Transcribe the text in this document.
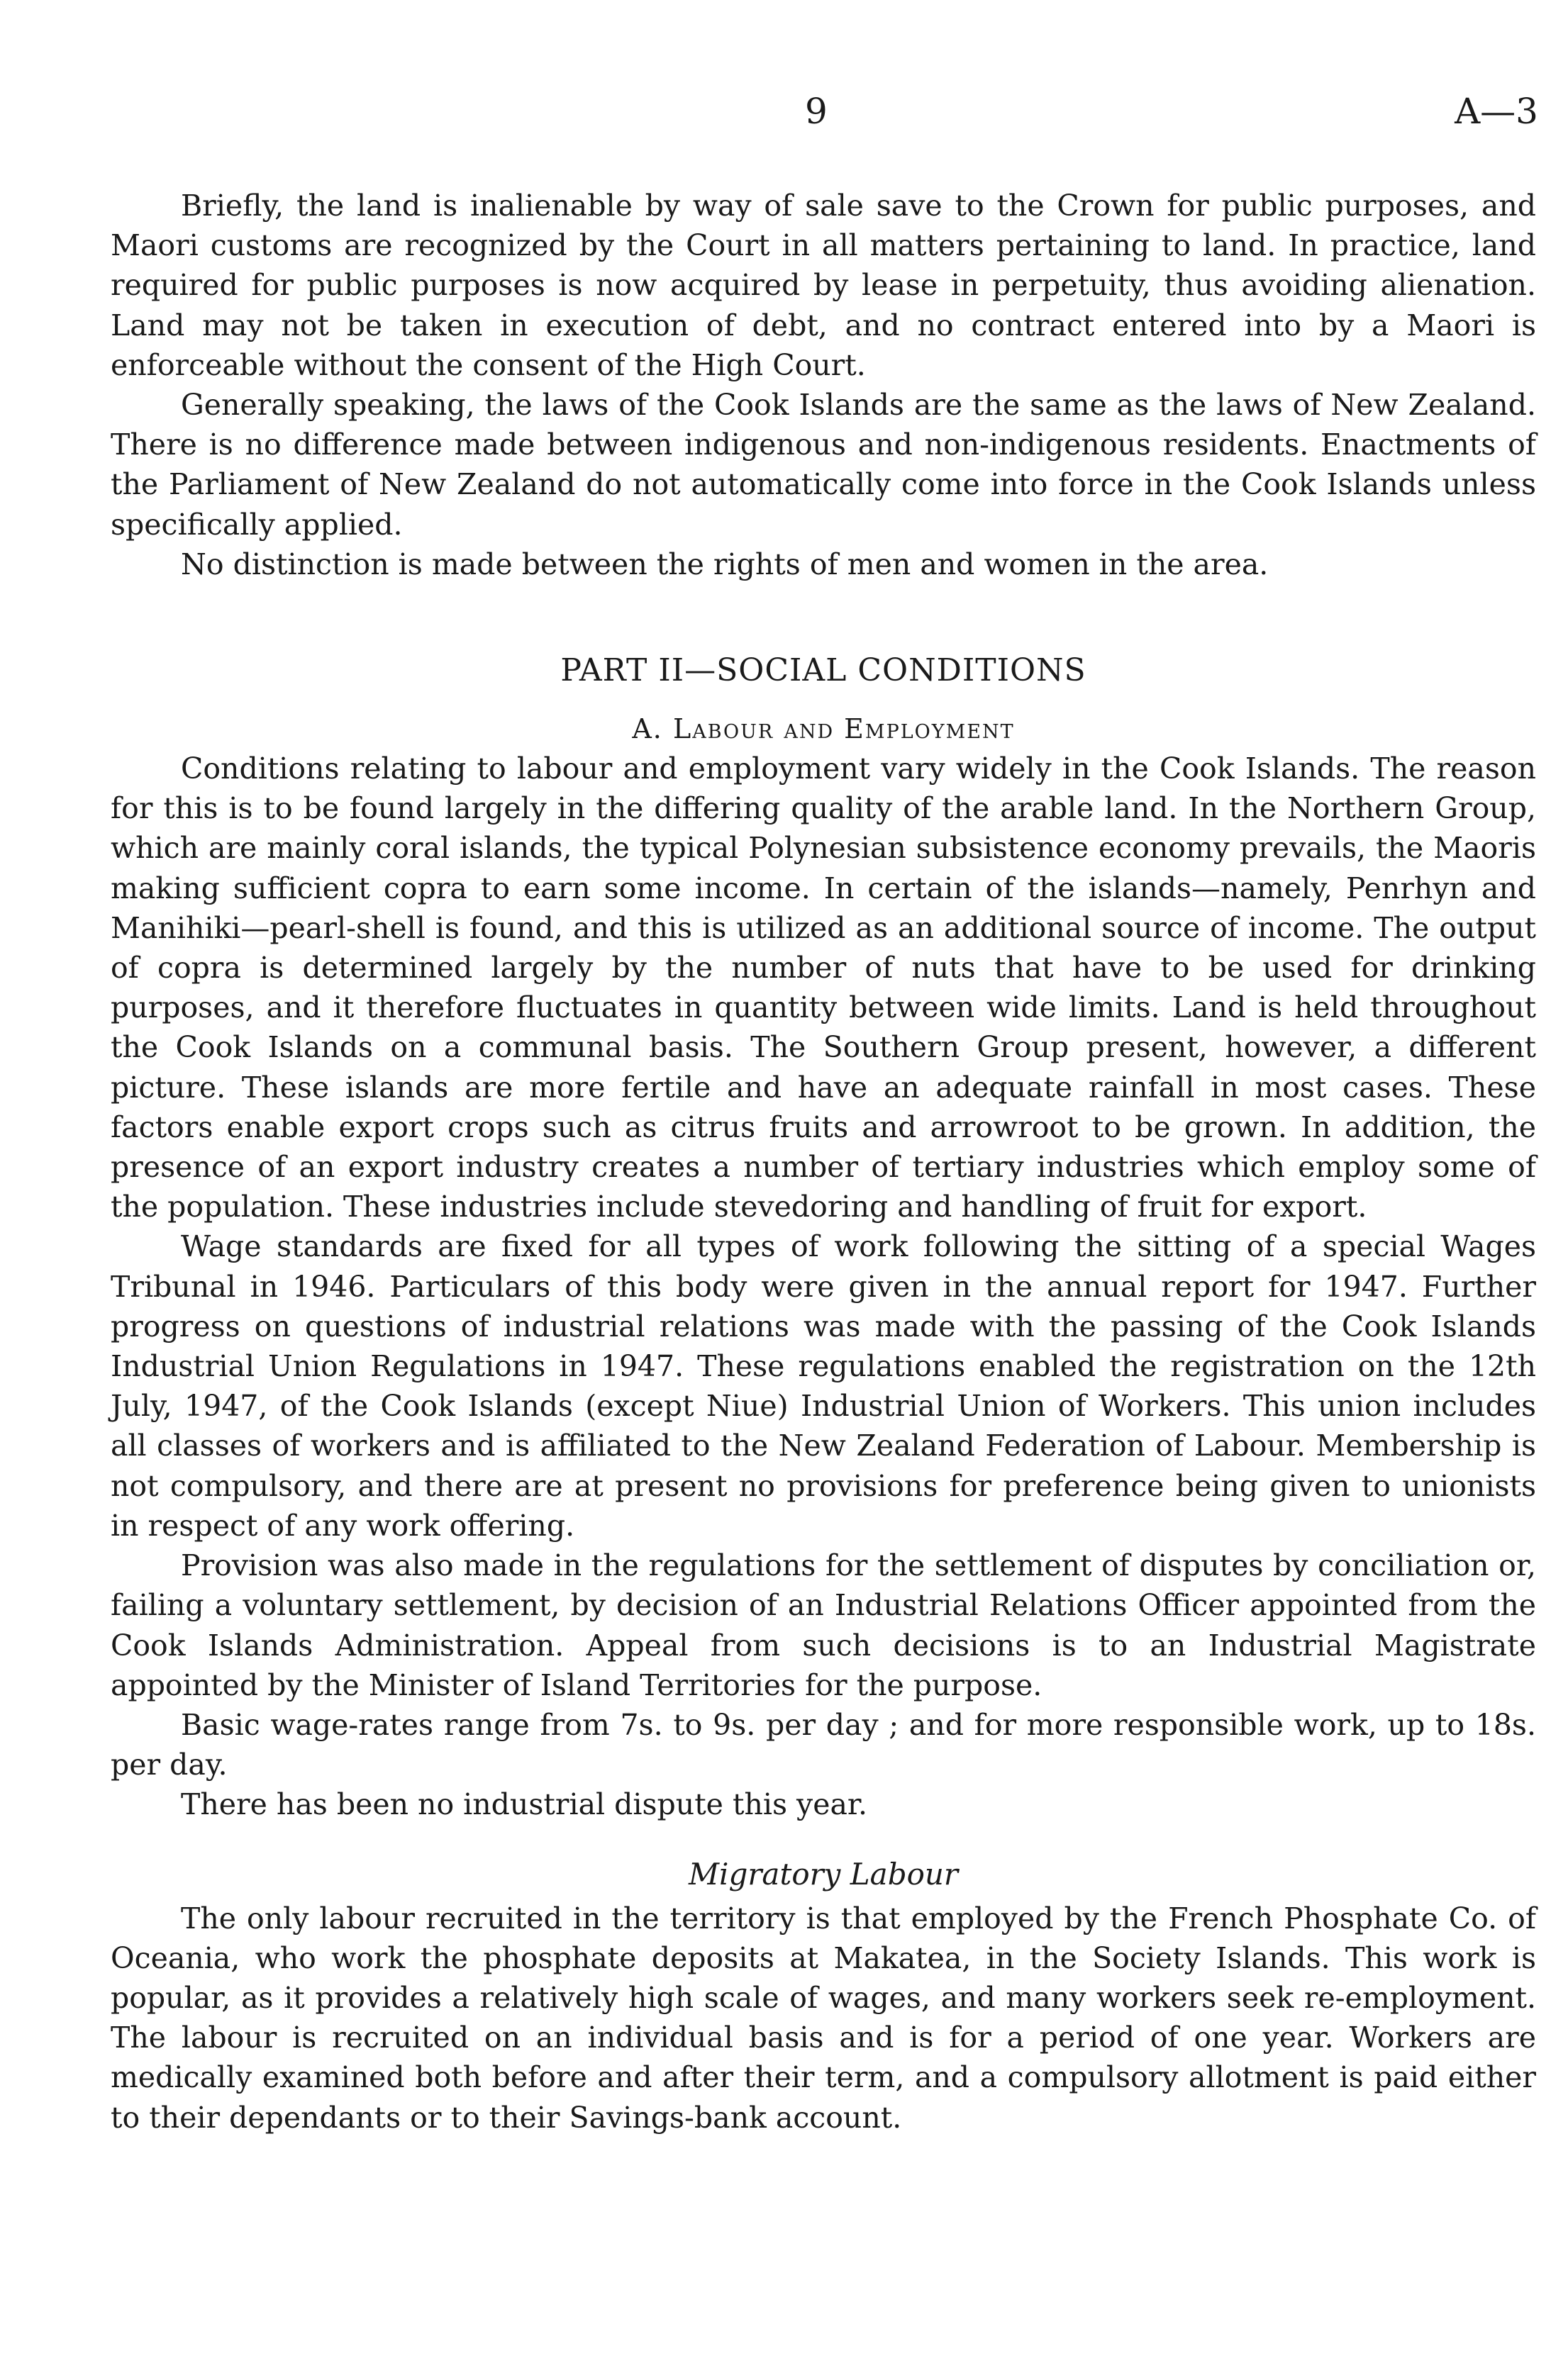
9	A—3

Briefly, the land is inalienable by way of sale save to the Crown for public purposes, and Maori customs are recognized by the Court in all matters pertaining to land. In practice, land required for public purposes is now acquired by lease in perpetuity, thus avoiding alienation. Land may not be taken in execution of debt, and no contract entered into by a Maori is enforceable without the consent of the High Court.

Generally speaking, the laws of the Cook Islands are the same as the laws of New Zealand. There is no difference made between indigenous and non-indigenous residents. Enactments of the Parliament of New Zealand do not automatically come into force in the Cook Islands unless specifically applied.

No distinction is made between the rights of men and women in the area.

PART II—SOCIAL CONDITIONS
A. Labour and Employment

Conditions relating to labour and employment vary widely in the Cook Islands. The reason for this is to be found largely in the differing quality of the arable land. In the Northern Group, which are mainly coral islands, the typical Polynesian subsistence economy prevails, the Maoris making sufficient copra to earn some income. In certain of the islands—namely, Penrhyn and Manihiki—pearl-shell is found, and this is utilized as an additional source of income. The output of copra is determined largely by the number of nuts that have to be used for drinking purposes, and it therefore fluctuates in quantity between wide limits. Land is held throughout the Cook Islands on a communal basis. The Southern Group present, however, a different picture. These islands are more fertile and have an adequate rainfall in most cases. These factors enable export crops such as citrus fruits and arrowroot to be grown. In addition, the presence of an export industry creates a number of tertiary industries which employ some of the population. These industries include stevedoring and handling of fruit for export.

Wage standards are fixed for all types of work following the sitting of a special Wages Tribunal in 1946. Particulars of this body were given in the annual report for 1947. Further progress on questions of industrial relations was made with the passing of the Cook Islands Industrial Union Regulations in 1947. These regulations enabled the registration on the 12th July, 1947, of the Cook Islands (except Niue) Industrial Union of Workers. This union includes all classes of workers and is affiliated to the New Zealand Federation of Labour. Membership is not compulsory, and there are at present no provisions for preference being given to unionists in respect of any work offering.

Provision was also made in the regulations for the settlement of disputes by conciliation or, failing a voluntary settlement, by decision of an Industrial Relations Officer appointed from the Cook Islands Administration. Appeal from such decisions is to an Industrial Magistrate appointed by the Minister of Island Territories for the purpose.

Basic wage-rates range from 7s. to 9s. per day ; and for more responsible work, up to 18s. per day.

There has been no industrial dispute this year.

Migratory Labour

The only labour recruited in the territory is that employed by the French Phosphate Co. of Oceania, who work the phosphate deposits at Makatea, in the Society Islands. This work is popular, as it provides a relatively high scale of wages, and many workers seek re-employment. The labour is recruited on an individual basis and is for a period of one year. Workers are medically examined both before and after their term, and a compulsory allotment is paid either to their dependants or to their Savings-bank account.
